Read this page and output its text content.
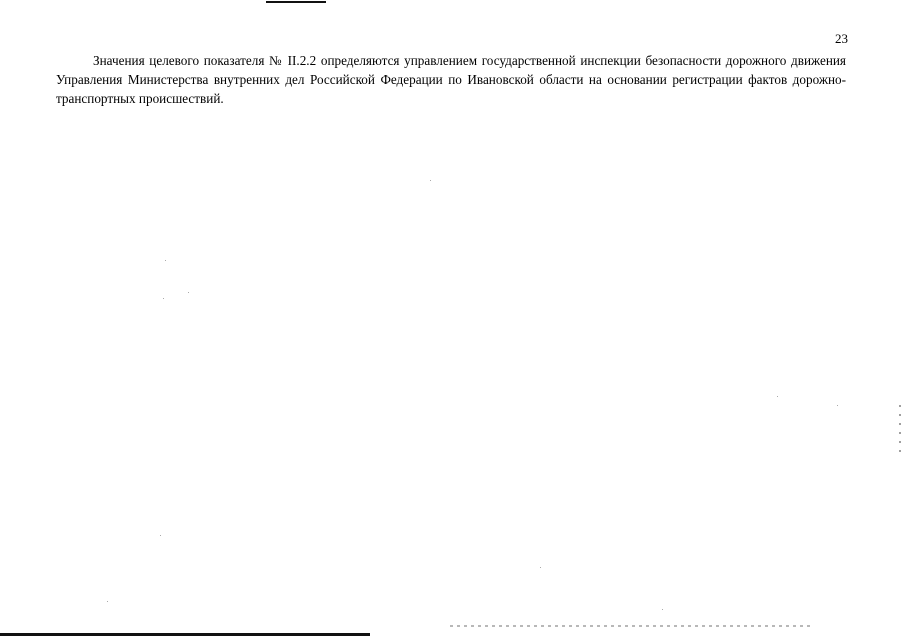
23

Значения целевого показателя № II.2.2 определяются управлением государственной инспекции безопасности дорожного движения Управления Министерства внутренних дел Российской Федерации по Ивановской области на основании регистрации фактов дорожно-транспортных происшествий.
